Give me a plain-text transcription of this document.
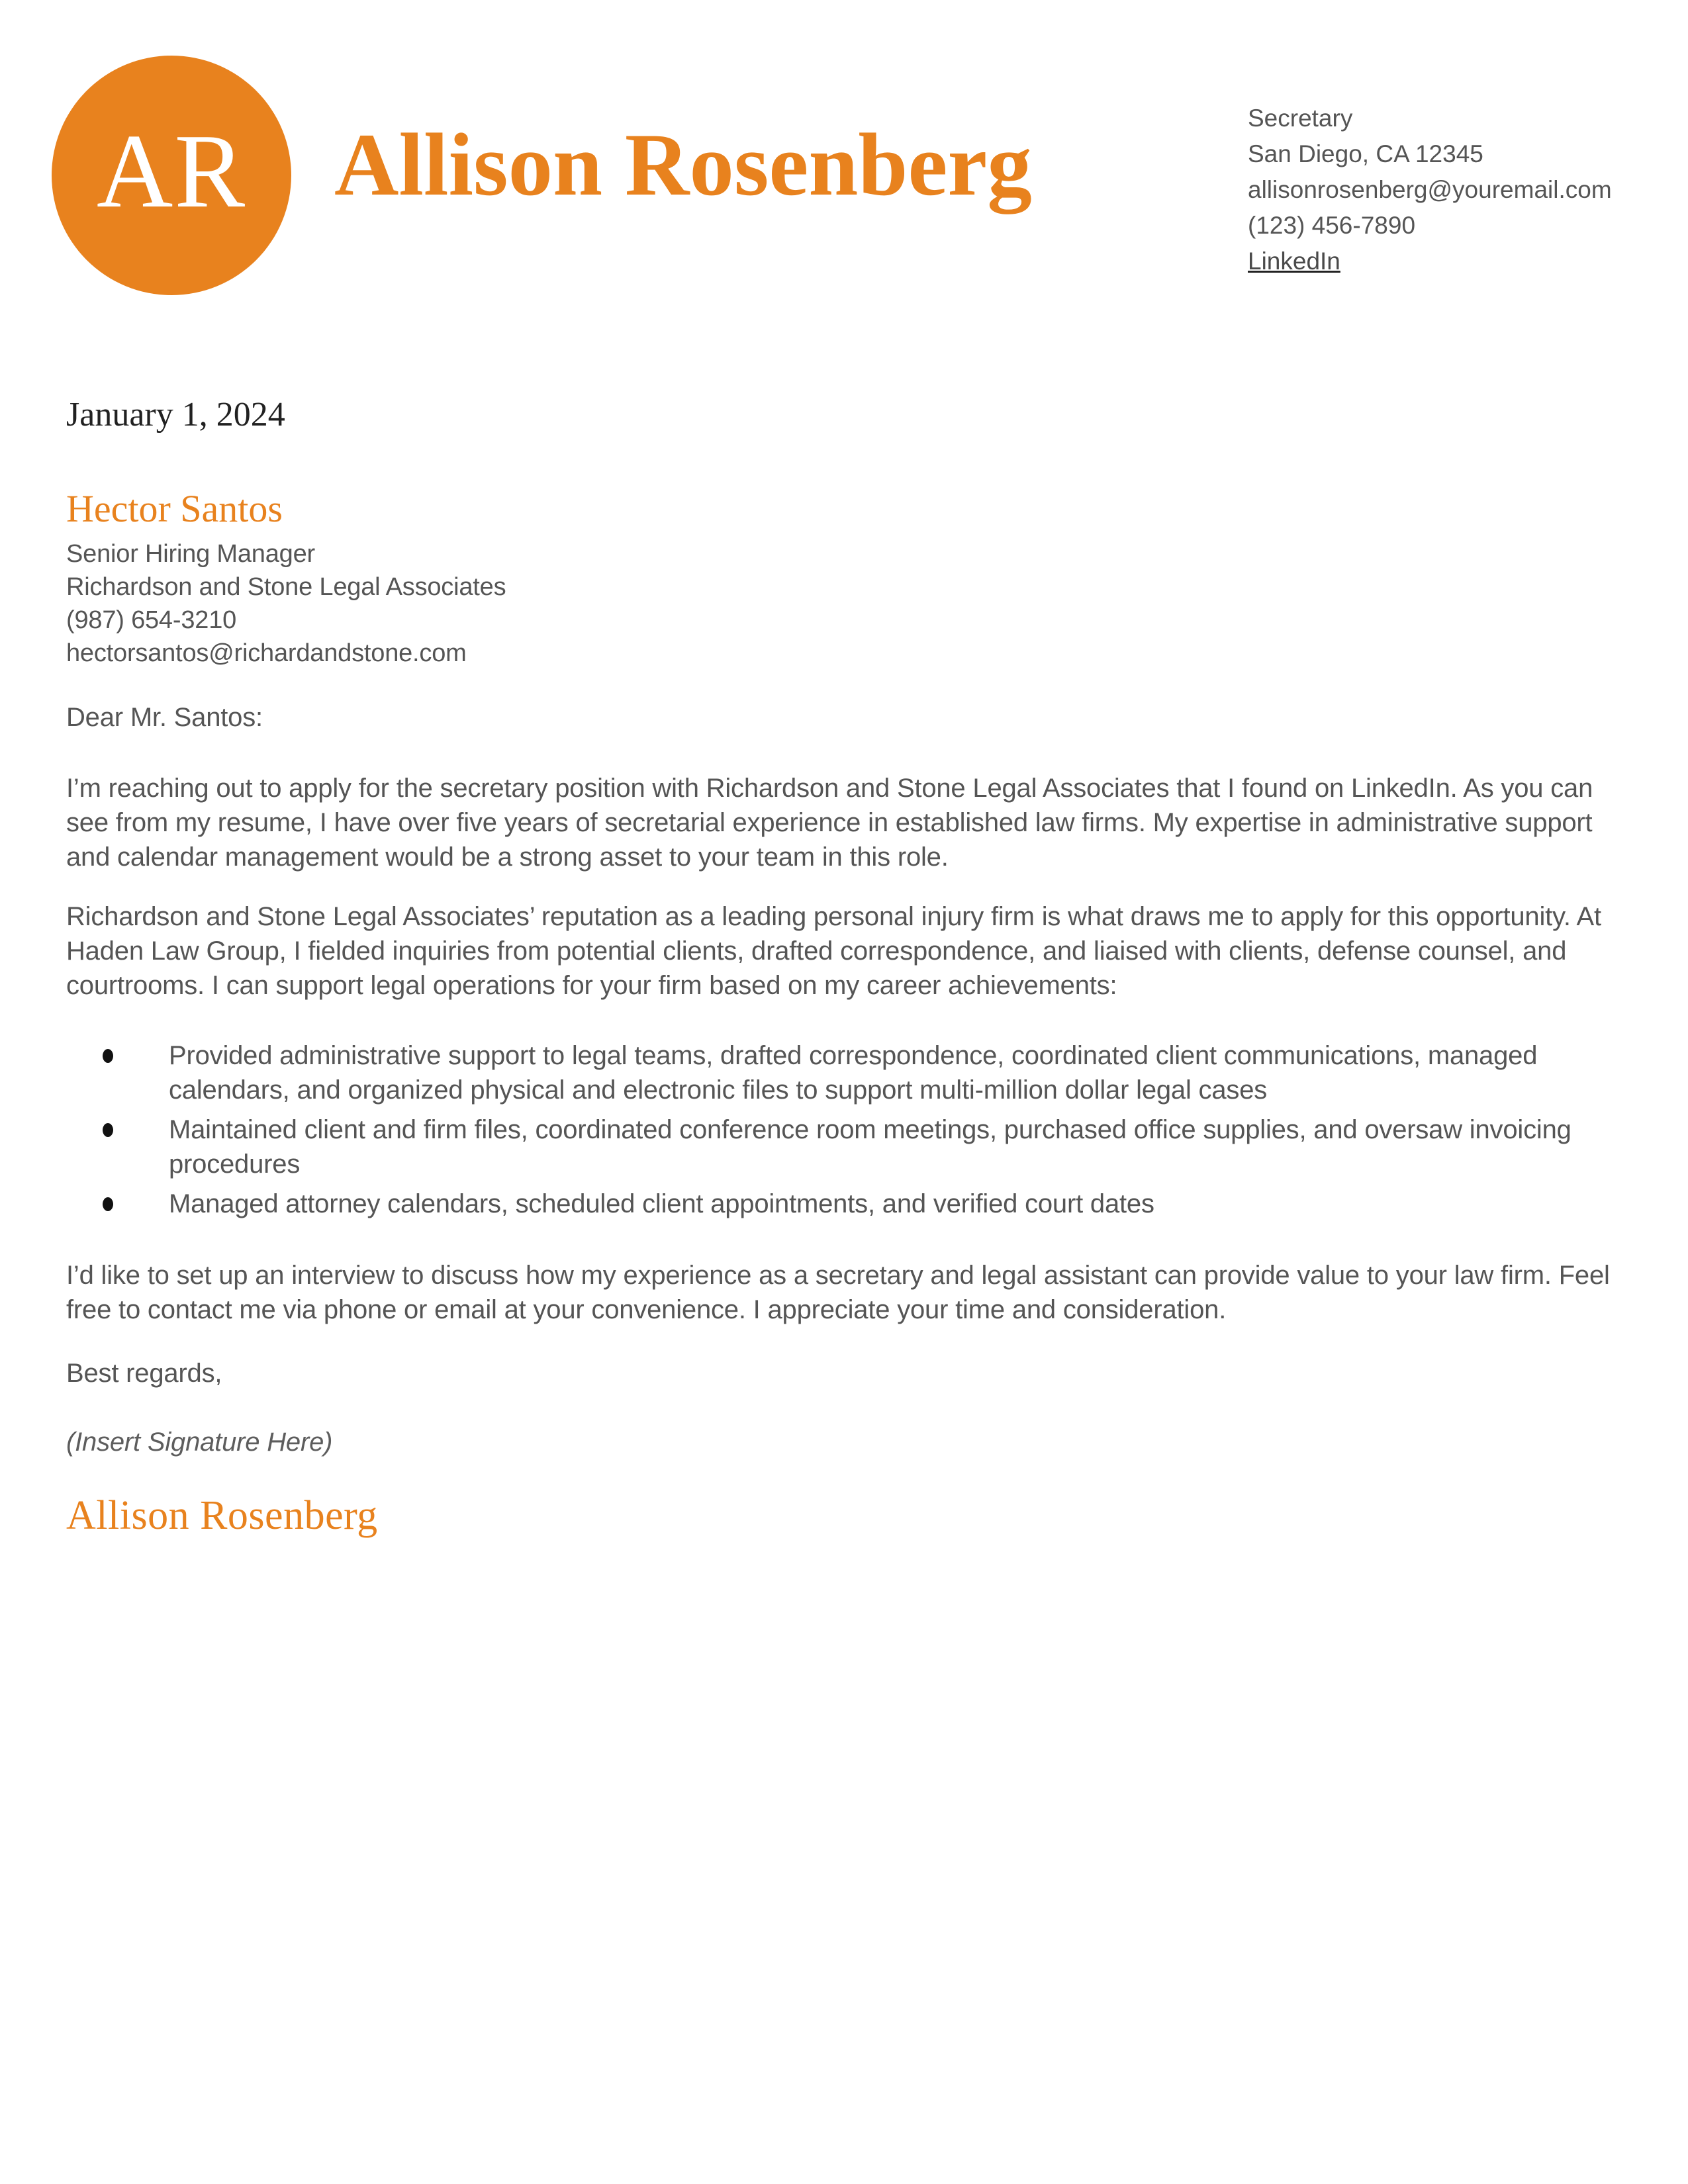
AR Allison Rosenberg	Secretary
San Diego, CA 12345
allisonrosenberg@youremail.com
(123) 456-7890
LinkedIn
January 1, 2024
Hector Santos
Senior Hiring Manager
Richardson and Stone Legal Associates
(987) 654-3210
hectorsantos@richardandstone.com
Dear Mr. Santos:

I’m reaching out to apply for the secretary position with Richardson and Stone Legal Associates that I found on LinkedIn. As you can see from my resume, I have over five years of secretarial experience in established law firms. My expertise in administrative support and calendar management would be a strong asset to your team in this role.

Richardson and Stone Legal Associates’ reputation as a leading personal injury firm is what draws me to apply for this opportunity. At Haden Law Group, I fielded inquiries from potential clients, drafted correspondence, and liaised with clients, defense counsel, and courtrooms. I can support legal operations for your firm based on my career achievements:

Provided administrative support to legal teams, drafted correspondence, coordinated client communications, managed calendars, and organized physical and electronic files to support multi-million dollar legal cases
Maintained client and firm files, coordinated conference room meetings, purchased office supplies, and oversaw invoicing procedures
Managed attorney calendars, scheduled client appointments, and verified court dates

I’d like to set up an interview to discuss how my experience as a secretary and legal assistant can provide value to your law firm. Feel free to contact me via phone or email at your convenience. I appreciate your time and consideration.

Best regards,
(Insert Signature Here)
Allison Rosenberg
